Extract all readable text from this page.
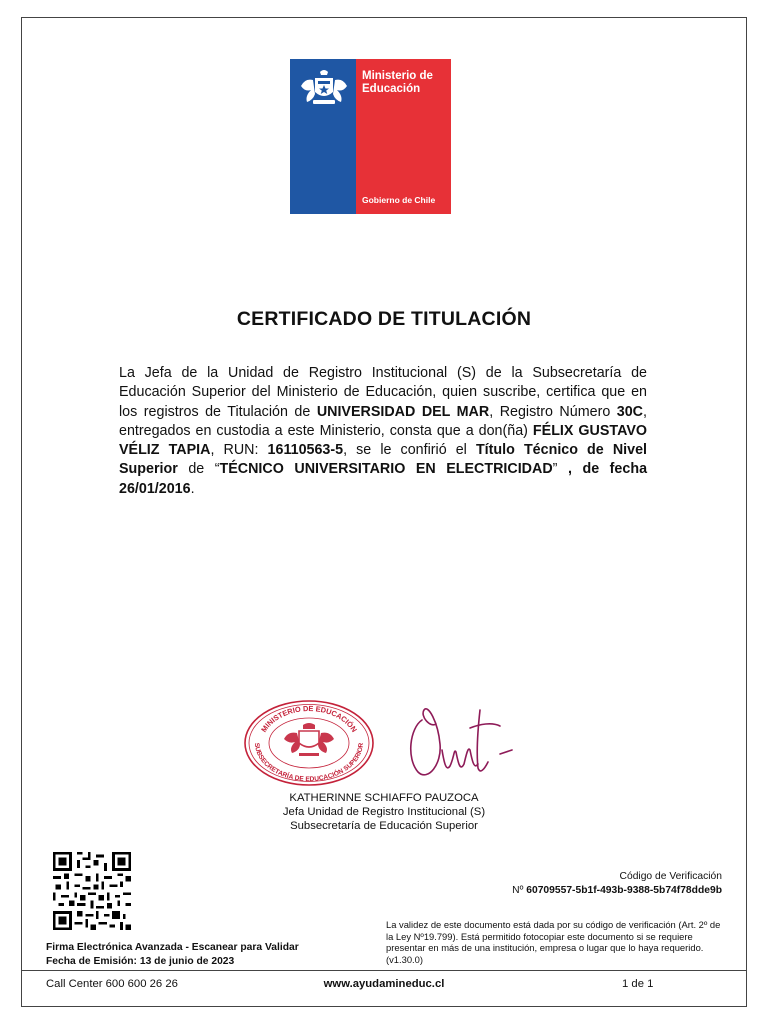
Ministerio de
Educación
Gobierno de Chile
CERTIFICADO DE TITULACIÓN
La Jefa de la Unidad de Registro Institucional (S) de la Subsecretaría de Educación Superior del Ministerio de Educación, quien suscribe, certifica que en los registros de Titulación de UNIVERSIDAD DEL MAR, Registro Número 30C, entregados en custodia a este Ministerio, consta que a don(ña) FÉLIX GUSTAVO VÉLIZ TAPIA, RUN: 16110563-5, se le confirió el Título Técnico de Nivel Superior de “TÉCNICO UNIVERSITARIO EN ELECTRICIDAD” , de fecha 26/01/2016.
MINISTERIO DE EDUCACIÓN
SUBSECRETARÍA DE EDUCACIÓN SUPERIOR
KATHERINNE SCHIAFFO PAUZOCA
Jefa Unidad de Registro Institucional (S)
Subsecretaría de Educación Superior
Firma Electrónica Avanzada - Escanear para Validar
Fecha de Emisión: 13 de junio de 2023
Código de Verificación
Nº 60709557-5b1f-493b-9388-5b74f78dde9b
La validez de este documento está dada por su código de verificación (Art. 2º de la Ley Nº19.799). Está permitido fotocopiar este documento si se requiere presentar en más de una institución, empresa o lugar que lo haya requerido. (v1.30.0)
Call Center 600 600 26 26	www.ayudamineduc.cl	1 de 1
